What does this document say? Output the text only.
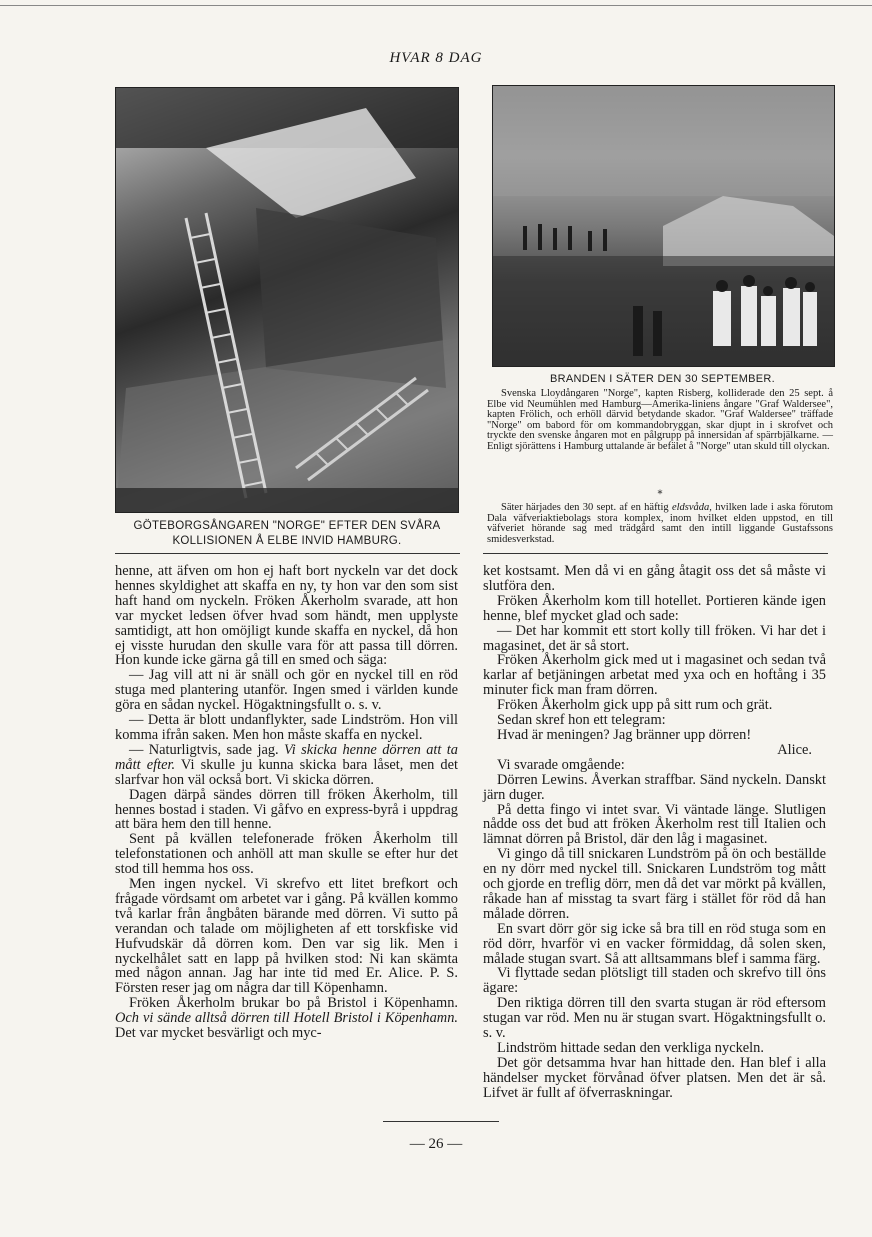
HVAR 8 DAG
GÖTEBORGSÅNGAREN "NORGE" EFTER DEN SVÅRA
KOLLISIONEN Å ELBE INVID HAMBURG.
BRANDEN I SÄTER DEN 30 SEPTEMBER.

Svenska Lloydångaren "Norge", kapten Risberg, kolliderade den 25 sept. å Elbe vid Neumühlen med Hamburg—Amerika-liniens ångare "Graf Waldersee", kapten Frölich, och erhöll därvid betydande skador. "Graf Waldersee" träffade "Norge" om babord för om kommandobryggan, skar djupt in i skrofvet och tryckte den svenske ångaren mot en pålgrupp på innersidan af spärrbjälkarne. — Enligt sjörättens i Hamburg uttalande är befälet å "Norge" utan skuld till olyckan.

*

Säter härjades den 30 sept. af en häftig eldsvåda, hvilken lade i aska förutom Dala väfveriaktiebolags stora komplex, inom hvilket elden uppstod, en till väfveriet hörande sag med trädgård samt den intill liggande Gustafssons smidesverkstad.

henne, att äfven om hon ej haft bort nyckeln var det dock hennes skyldighet att skaffa en ny, ty hon var den som sist haft hand om nyckeln. Fröken Åkerholm svarade, att hon var mycket ledsen öfver hvad som händt, men upplyste samtidigt, att hon omöjligt kunde skaffa en nyckel, då hon ej visste hurudan den skulle vara för att passa till dörren. Hon kunde icke gärna gå till en smed och säga:

— Jag vill att ni är snäll och gör en nyckel till en röd stuga med plantering utanför. Ingen smed i världen kunde göra en sådan nyckel. Högaktningsfullt o. s. v.

— Detta är blott undanflykter, sade Lindström. Hon vill komma ifrån saken. Men hon måste skaffa en nyckel.

— Naturligtvis, sade jag. Vi skicka henne dörren att ta mått efter. Vi skulle ju kunna skicka bara låset, men det slarfvar hon väl också bort. Vi skicka dörren.

Dagen därpå sändes dörren till fröken Åkerholm, till hennes bostad i staden. Vi gåfvo en express-byrå i uppdrag att bära hem den till henne.

Sent på kvällen telefonerade fröken Åkerholm till telefonstationen och anhöll att man skulle se efter hur det stod till hemma hos oss.

Men ingen nyckel. Vi skrefvo ett litet brefkort och frågade vördsamt om arbetet var i gång. På kvällen kommo två karlar från ångbåten bärande med dörren. Vi sutto på verandan och talade om möjligheten af ett torskfiske vid Hufvudskär då dörren kom. Den var sig lik. Men i nyckelhålet satt en lapp på hvilken stod: Ni kan skämta med någon annan. Jag har inte tid med Er. Alice. P. S. Försten reser jag om några dar till Köpenhamn.

Fröken Åkerholm brukar bo på Bristol i Köpenhamn. Och vi sände alltså dörren till Hotell Bristol i Köpenhamn. Det var mycket besvärligt och myc-

ket kostsamt. Men då vi en gång åtagit oss det så måste vi slutföra den.

Fröken Åkerholm kom till hotellet. Portieren kände igen henne, blef mycket glad och sade:

— Det har kommit ett stort kolly till fröken. Vi har det i magasinet, det är så stort.

Fröken Åkerholm gick med ut i magasinet och sedan två karlar af betjäningen arbetat med yxa och en hoftång i 35 minuter fick man fram dörren.

Fröken Åkerholm gick upp på sitt rum och grät.

Sedan skref hon ett telegram:

Hvad är meningen? Jag bränner upp dörren!

Alice.

Vi svarade omgående:

Dörren Lewins. Åverkan straffbar. Sänd nyckeln. Danskt järn duger.

På detta fingo vi intet svar. Vi väntade länge. Slutligen nådde oss det bud att fröken Åkerholm rest till Italien och lämnat dörren på Bristol, där den låg i magasinet.

Vi gingo då till snickaren Lundström på ön och beställde en ny dörr med nyckel till. Snickaren Lundström tog mått och gjorde en treflig dörr, men då det var mörkt på kvällen, råkade han af misstag ta svart färg i stället för röd då han målade dörren.

En svart dörr gör sig icke så bra till en röd stuga som en röd dörr, hvarför vi en vacker förmiddag, då solen sken, målade stugan svart. Så att alltsammans blef i samma färg.

Vi flyttade sedan plötsligt till staden och skrefvo till öns ägare:

Den riktiga dörren till den svarta stugan är röd eftersom stugan var röd. Men nu är stugan svart. Högaktningsfullt o. s. v.

Lindström hittade sedan den verkliga nyckeln.

Det gör detsamma hvar han hittade den. Han blef i alla händelser mycket förvånad öfver platsen. Men det är så. Lifvet är fullt af öfverraskningar.

— 26 —
